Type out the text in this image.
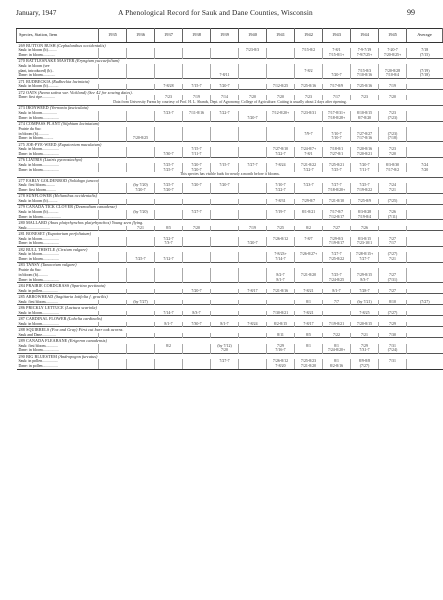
January, 1947	A Phenological Record for Sauk and Dane Counties, Wisconsin	99
Species, Station, Item	1935	1936	1937	1938	1939	1940	1941	1942	1943	1944	1945	Average
269 BUTTON BUSH (Cephalanthus occidentalis)												
Sauk: in bloom (b).........						7/23-8/3		7/15-8/2	7-8/1	7-9-7/19	7-20-7	7/18
Dane: in bloom.............									7/15-8/1+	7-9/7/25+	7/20-8/25+	(7/15)
270 RATTLESNAKE MASTER (Eryngium yuccaefolium)												
Sauk: in bloom (see												
plant, introduced) (b)..								7-8/2		7/15-8/3	7/20-8/28	(7/19)
Dane: in bloom.............					7-8/11				7/20-7	7/10-8/16	7/10-8/4	(7/18)
271 RUDBECKIA (Rudbeckia laciniata)												
Sauk: in bloom (b)...........			7-8/28	7/15-7	7/20-7		7/12-8/25	7/25-8/16	7/17-8/9	7/25-8/16	7/19	
272 OATS (Avena sativa var. Vickland) (See 42 for sowing dates).												
Dane: first ripe.............			7/23	7/19	7/14	7/20	7/20	7/23	7/17	7/23	7/20	
Data from University Farms by courtesy of Prof. H. L. Shands, Dept. of Agronomy, College of Agriculture. Cutting is usually about 2 days after ripening.												
273 IRONWEED (Vernonia fasciculata)												
Sauk: in bloom...............			7/23-7	7/11-8/16	7/22-7		7/12-8/20+	7/23-8/31	7/17-8/31+	8/10-8/15	7/23	
Dane: in bloom.................						7/20-7			7/18-8/28+	8/7-8/20	(7/23)	
274 COMPASS PLANT (Silphium laciniatum)												
Prairie du Sac:												
in bloom (b)...........								7/9-7	7/10-7	7/27-8/27	(7/23)	
Dane: in bloom...........		7/20-8/25							7/10-7	7/17-8/16	(7/18)	
275 JOE-PYE-WEED (Eupatorium maculatum)												
Sauk: in bloom.................				7/15-7			7/27-8/10	7/24-8/7+	7/18-8/1	7/20-8/16	7/23	
Dane: in bloom.................			7/30-7	7/11-7			7/22-7	7-8/1	7/27-8/1	7/20-8/21	7/20	
276 LIATRIS (Liatris pycnostachya)												
Sauk: in bloom.................			7/25-7	7/20-7	7/15-7	7/27-7	7-8/24	7/21-8/22	7/25-8/21	7/20-7	8/3-8/30	7/24
Dane: in bloom.................			7/25-7	7/20-7				7/22-7	7/25-7	7/11-7	7/17-8/2	7/20
This species has visible buds for nearly a month before it blooms.												
277 EARLY GOLDENROD (Solidago juncea)												
Sauk: first bloom..........		(by 7/20)	7/25-7	7/20-7	7/20-7		7/10-7	7/23-7	7/27-7	7/25-7	7/24	
Dane: first bloom..........		7/20-7	7/20-7				7/22-7		7/18-8/20+	7/19-8/22	7/21	
278 SUNFLOWER (Helianthus occidentalis)												
Sauk: in bloom (b)..........							7-8/31	7/29-8/7	7/21-8/10	7/25-8/9	(7/25)	
279 CANADA TICK CLOVER (Desmodium canadense)												
Sauk: in bloom (b)...........		(by 7/20)		7/27-7			7/19-7	8/1-8/21	7/17-8/7	8/3-8/28	7/26	
Dane: in bloom...................									7/12-8/17	7/19-8/4	(7/11)	
280 MALLARD (Anas platyrhynchos platyrhynchos) Young seen flying.												
Sauk:.......................		7/21	8/5	7/20		7/19	7/25	8/2	7/27	7/26		
281 BONESET (Eupatorium perfoliatum)												
Sauk: in bloom.................			7/22-7				7/26-8/12	7-8/7	7/29-8/3	8/3-8/15	7/27	
Dane: in bloom.................			7/3-7			7/20-7			7/19-8/17	7/23-10/1	7/17	
282 BULL THISTLE (Cirsium vulgare)												
Sauk: in bloom.................							7-8/23+	7/26-8/27+	7/27-7	7/28-8/15+	(7/27)	
Dane: in bloom.................		7/25-7	7/12-7				7/14-7		7/25-8/22	7/27-7	7/21	
283 TANSY (Tanacetum vulgare)												
Prairie du Sac:												
in bloom (b)..........							8/2-7	7/21-8/20	7/25-7	7/29-8/15	7/27	
Dane: in bloom.................							8/1-7		7/24-8/25	8/3-7	(7/31)	
284 PRAIRIE CORDGRASS (Spartina pectinata)												
Sauk: in pollen................				7/20-7		7-8/17	7/21-8/16	7-8/21	8/1-7	7/28-7	7/27	
285 ARROWHEAD (Sagittaria latifolia f. gracilis)												
Sauk: first bloom.............		(by 7/27)						8/1	7/7	(by 7/21)	8/10	(7/27)
286 PRICKLY LETTUCE (Lactuca scariola)												
Sauk: in bloom.................			7/14-7	8/3-7			7/30-8/21	7-8/21		7-8/25	(7/27)	
287 CARDINAL FLOWER (Lobelia cardinalis)												
Sauk: in bloom.................			8/1-7	7/30-7	8/1-7	7-8/24	8/2-8/15	7-8/17	7/19-8/21	7/20-8/15	7/29	
288 SQUIRRELS (Fox and Gray) First cut burr oak acorns.												
Sauk and Dane..............							8/11	8/5	7/22	7/21	7/30	
289 CANADA FLEABANE (Erigeron canadensis)												
Sauk: first bloom.............			8/2		(by 7/12)		7/29	8/1	8/1	7/29	7/31	
Dane: in bloom.................					7/20		7/16-7		7/24-8/20+	7/31-7	(7/24)	
290 BIG BLUESTEM (Andropogon furcatus)												
Sauk: in pollen................					7/27-7		7/26-8/12	7/25-8/23	8/1	8/9-8/8	7/31	
Dane: in pollen................							7-8/20	7/21-8/20	8/2-8/16	(7/27)		
